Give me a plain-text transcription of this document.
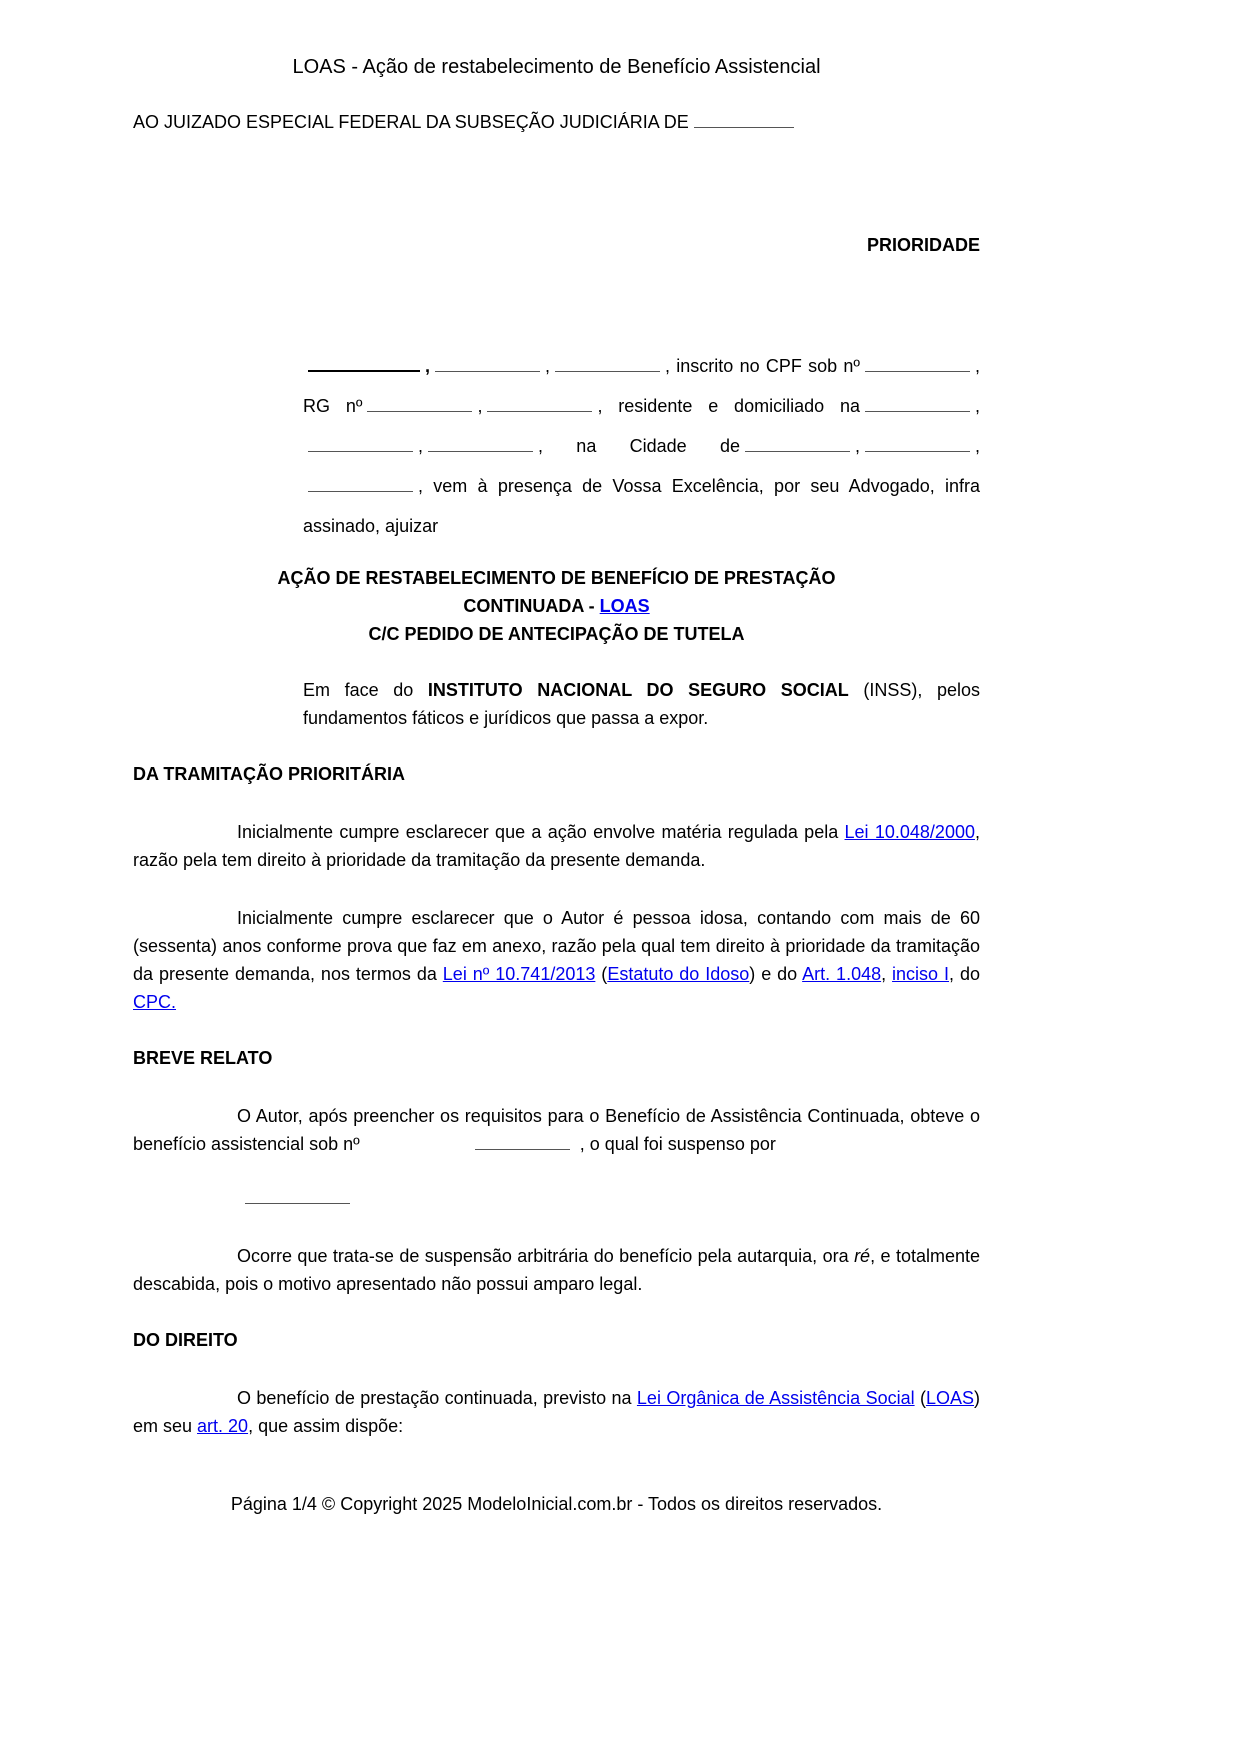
LOAS - Ação de restabelecimento de Benefício Assistencial

AO JUIZADO ESPECIAL FEDERAL DA SUBSEÇÃO JUDICIÁRIA DE

PRIORIDADE

,	,	, inscrito no CPF sob nº	, RG nº	,	, residente e domiciliado na	,,	, na Cidade de	,	,, vem à presença de Vossa Excelência, por seu Advogado, infra assinado, ajuizar

AÇÃO DE RESTABELECIMENTO DE BENEFÍCIO DE PRESTAÇÃO
CONTINUADA - LOAS
C/C PEDIDO DE ANTECIPAÇÃO DE TUTELA

Em face do INSTITUTO NACIONAL DO SEGURO SOCIAL (INSS), pelos fundamentos fáticos e jurídicos que passa a expor.

DA TRAMITAÇÃO PRIORITÁRIA

Inicialmente cumpre esclarecer que a ação envolve matéria regulada pela Lei 10.048/2000, razão pela tem direito à prioridade da tramitação da presente demanda.

Inicialmente cumpre esclarecer que o Autor é pessoa idosa, contando com mais de 60 (sessenta) anos conforme prova que faz em anexo, razão pela qual tem direito à prioridade da tramitação da presente demanda, nos termos da Lei nº 10.741/2013 (Estatuto do Idoso) e do Art. 1.048, inciso I, do CPC.

BREVE RELATO

O Autor, após preencher os requisitos para o Benefício de Assistência Continuada, obteve o benefício assistencial sob nº	, o qual foi suspenso por

Ocorre que trata-se de suspensão arbitrária do benefício pela autarquia, ora ré, e totalmente descabida, pois o motivo apresentado não possui amparo legal.

DO DIREITO

O benefício de prestação continuada, previsto na Lei Orgânica de Assistência Social (LOAS) em seu art. 20, que assim dispõe:

Página 1/4 © Copyright 2025 ModeloInicial.com.br - Todos os direitos reservados.
